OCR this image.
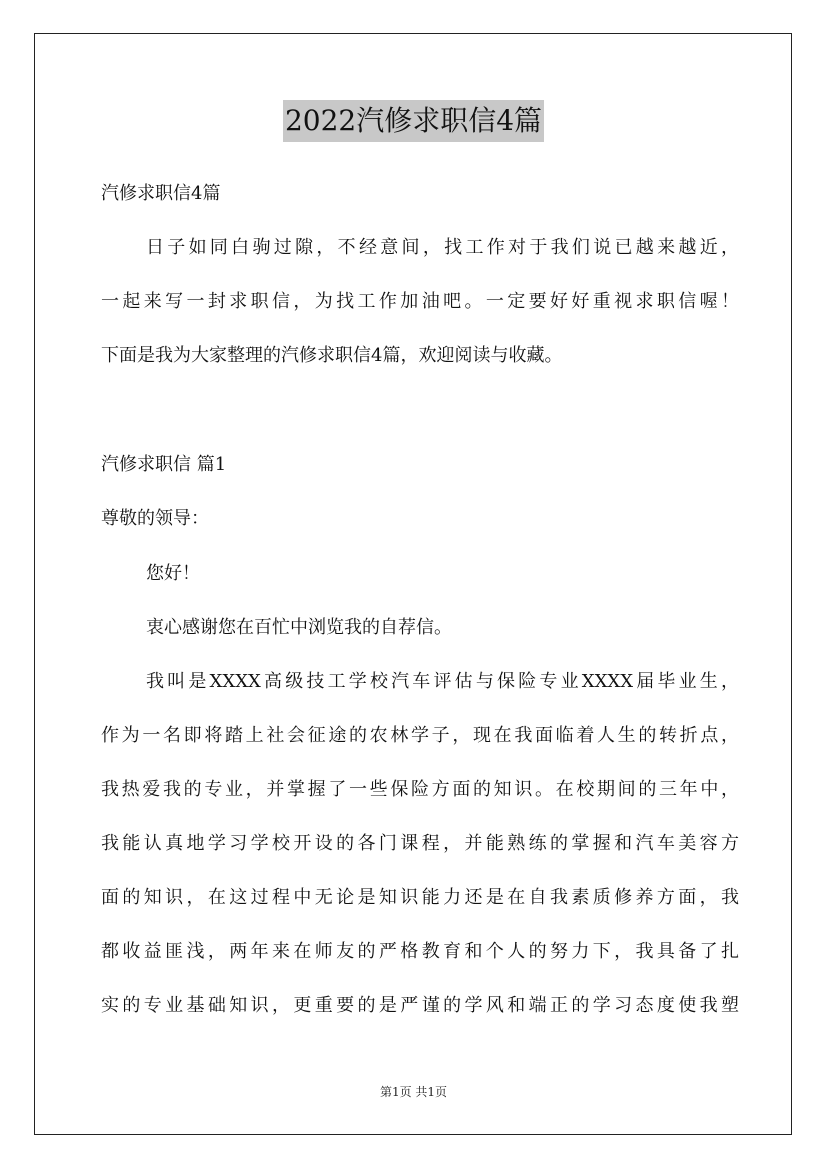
2022汽修求职信4篇
汽修求职信4篇
日子如同白驹过隙，不经意间，找工作对于我们说已越来越近，
一起来写一封求职信，为找工作加油吧。一定要好好重视求职信喔！
下面是我为大家整理的汽修求职信4篇，欢迎阅读与收藏。
汽修求职信 篇1
尊敬的领导：
您好！
衷心感谢您在百忙中浏览我的自荐信。
我叫是XXXX高级技工学校汽车评估与保险专业XXXX届毕业生，
作为一名即将踏上社会征途的农林学子，现在我面临着人生的转折点，
我热爱我的专业，并掌握了一些保险方面的知识。在校期间的三年中，
我能认真地学习学校开设的各门课程，并能熟练的掌握和汽车美容方
面的知识，在这过程中无论是知识能力还是在自我素质修养方面，我
都收益匪浅，两年来在师友的严格教育和个人的努力下，我具备了扎
实的专业基础知识，更重要的是严谨的学风和端正的学习态度使我塑
第1页 共1页
